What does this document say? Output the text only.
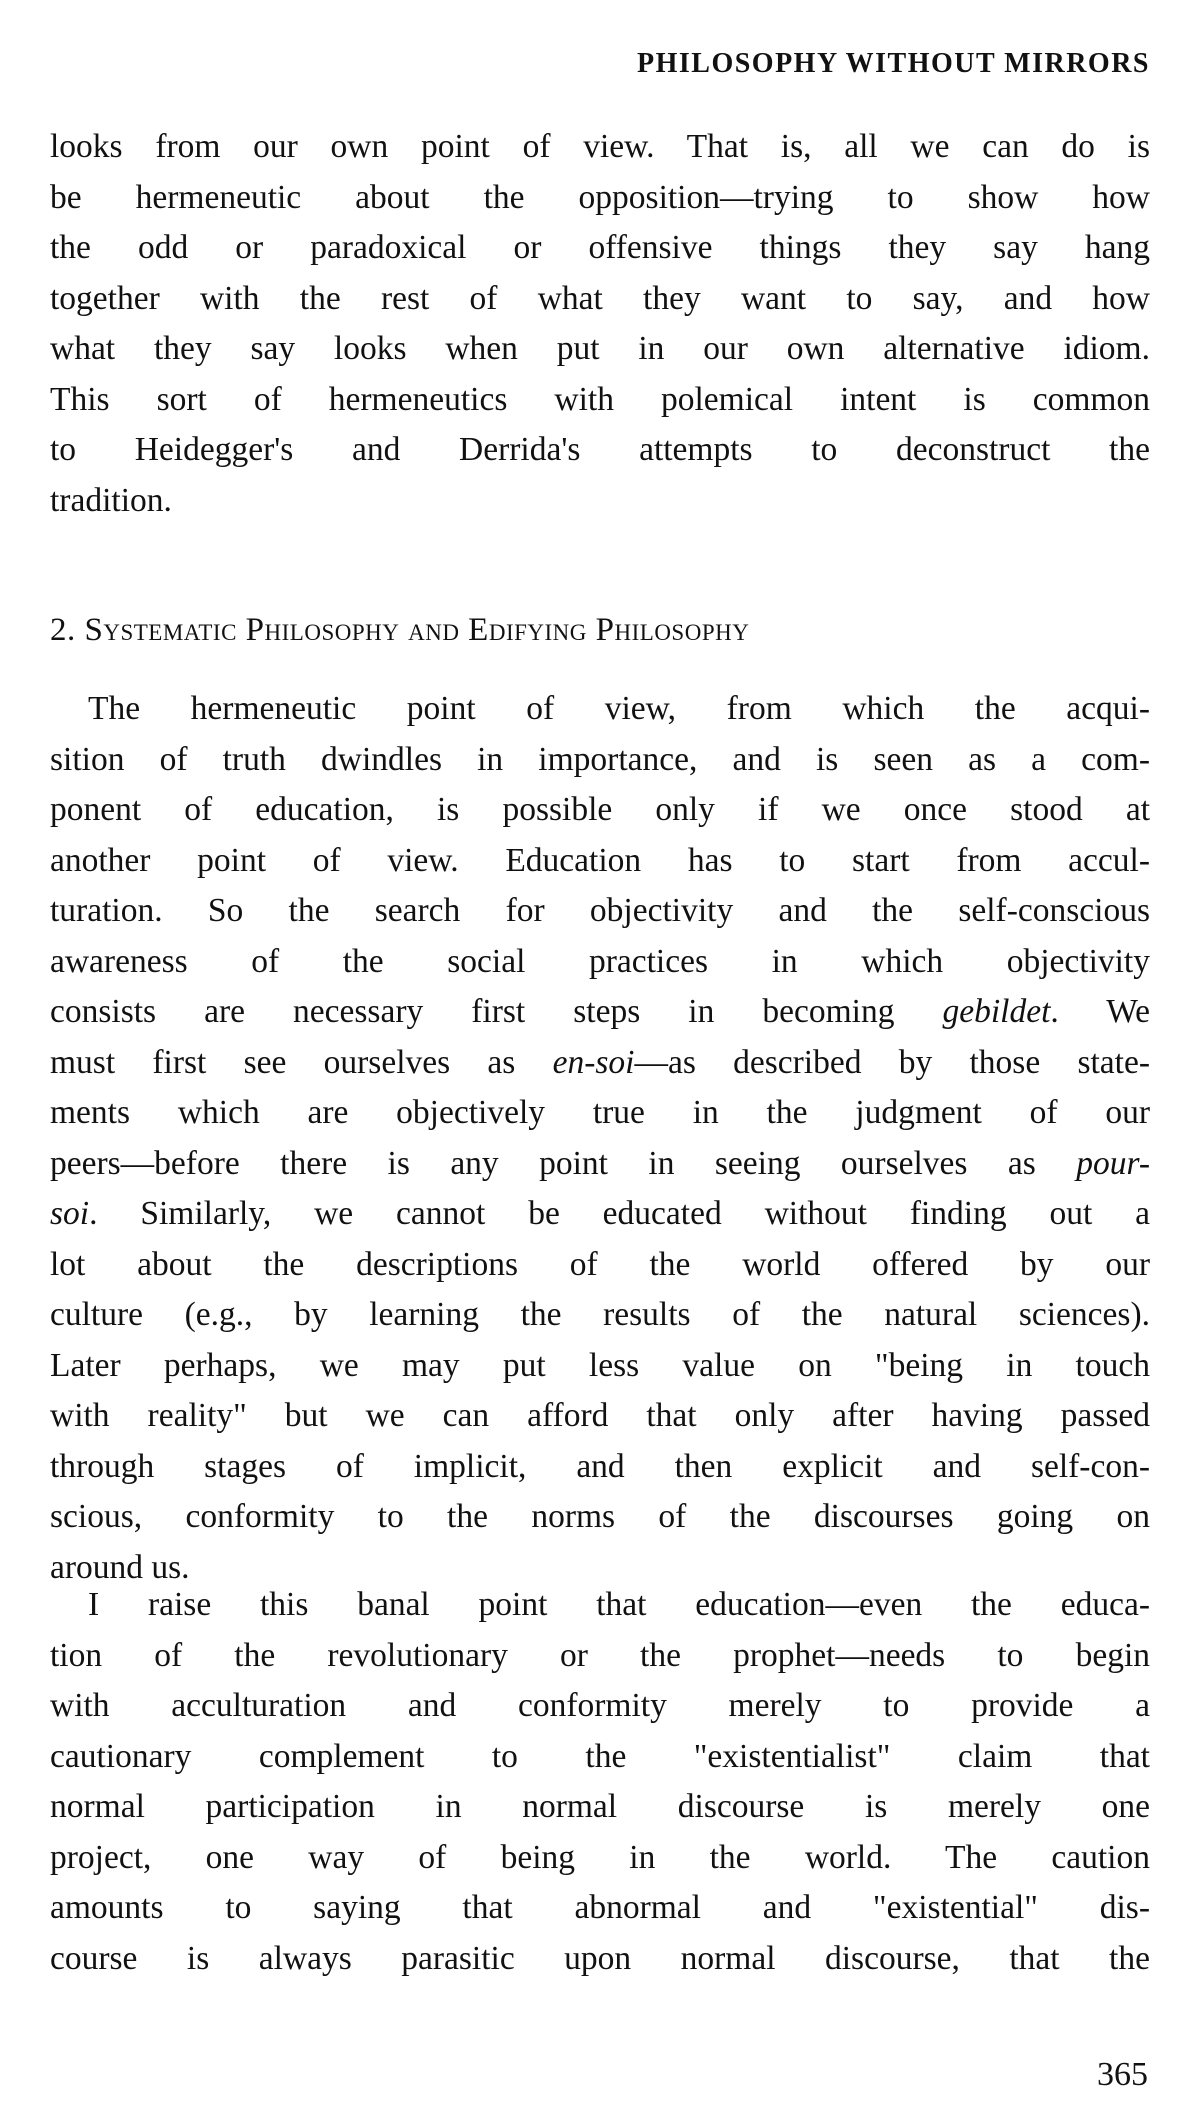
PHILOSOPHY WITHOUT MIRRORS

looks from our own point of view. That is, all we can do is
be hermeneutic about the opposition—trying to show how
the odd or paradoxical or offensive things they say hang
together with the rest of what they want to say, and how
what they say looks when put in our own alternative idiom.
This sort of hermeneutics with polemical intent is common
to Heidegger's and Derrida's attempts to deconstruct the
tradition.

2. Systematic Philosophy and Edifying Philosophy

The hermeneutic point of view, from which the acqui-
sition of truth dwindles in importance, and is seen as a com-
ponent of education, is possible only if we once stood at
another point of view. Education has to start from accul-
turation. So the search for objectivity and the self-conscious
awareness of the social practices in which objectivity
consists are necessary first steps in becoming gebildet. We
must first see ourselves as en-soi—as described by those state-
ments which are objectively true in the judgment of our
peers—before there is any point in seeing ourselves as pour-
soi. Similarly, we cannot be educated without finding out a
lot about the descriptions of the world offered by our
culture (e.g., by learning the results of the natural sciences).
Later perhaps, we may put less value on "being in touch
with reality" but we can afford that only after having passed
through stages of implicit, and then explicit and self-con-
scious, conformity to the norms of the discourses going on
around us.

I raise this banal point that education—even the educa-
tion of the revolutionary or the prophet—needs to begin
with acculturation and conformity merely to provide a
cautionary complement to the "existentialist" claim that
normal participation in normal discourse is merely one
project, one way of being in the world. The caution
amounts to saying that abnormal and "existential" dis-
course is always parasitic upon normal discourse, that the

365
